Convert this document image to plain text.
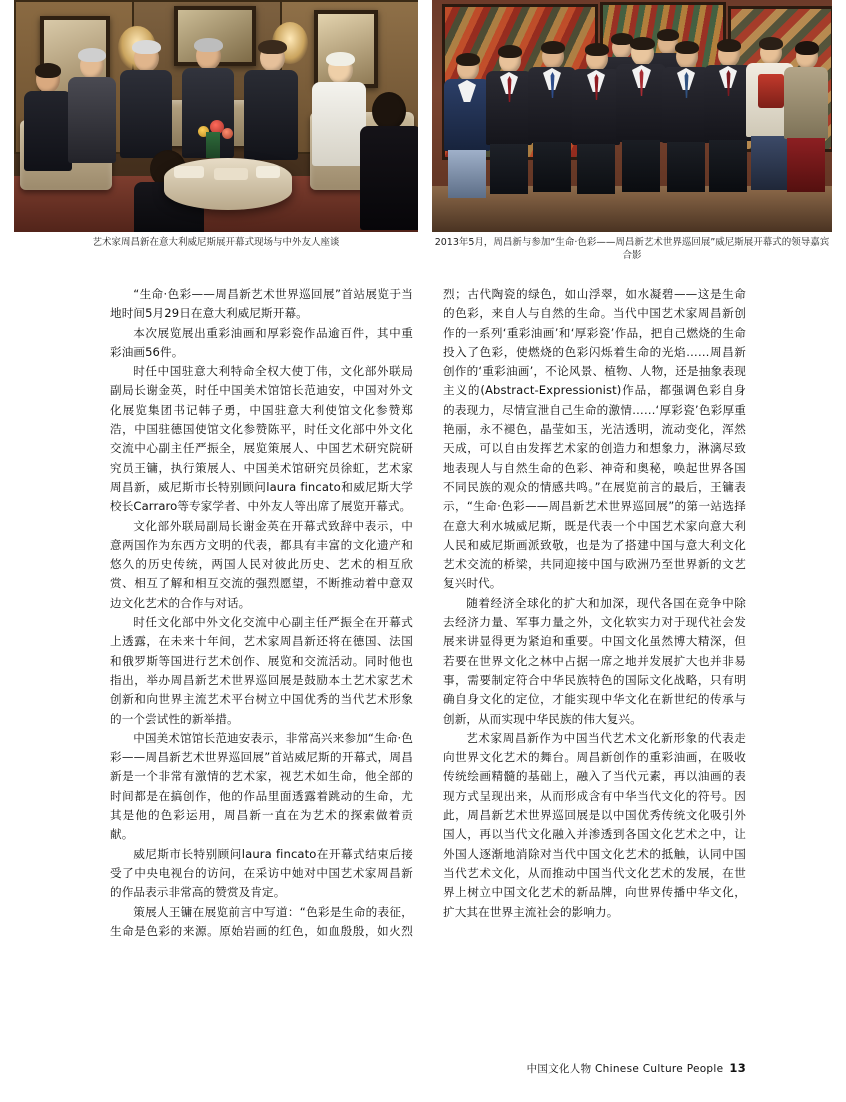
艺术家周昌新在意大利威尼斯展开幕式现场与中外友人座谈	2013年5月，周昌新与参加“生命·色彩——周昌新艺术世界巡回展”威尼斯展开幕式的领导嘉宾合影

“生命·色彩——周昌新艺术世界巡回展”首站展览于当地时间5月29日在意大利威尼斯开幕。

本次展览展出重彩油画和厚彩瓷作品逾百件，其中重彩油画56件。

时任中国驻意大利特命全权大使丁伟，文化部外联局副局长谢金英，时任中国美术馆馆长范迪安，中国对外文化展览集团书记韩子勇，中国驻意大利使馆文化参赞郑浩，中国驻德国使馆文化参赞陈平，时任文化部中外文化交流中心副主任严振全，展览策展人、中国艺术研究院研究员王镛，执行策展人、中国美术馆研究员徐虹，艺术家周昌新，威尼斯市长特别顾问laura fincato和威尼斯大学校长Carraro等专家学者、中外友人等出席了展览开幕式。

文化部外联局副局长谢金英在开幕式致辞中表示，中意两国作为东西方文明的代表，都具有丰富的文化遗产和悠久的历史传统，两国人民对彼此历史、艺术的相互欣赏、相互了解和相互交流的强烈愿望，不断推动着中意双边文化艺术的合作与对话。

时任文化部中外文化交流中心副主任严振全在开幕式上透露，在未来十年间，艺术家周昌新还将在德国、法国和俄罗斯等国进行艺术创作、展览和交流活动。同时他也指出，举办周昌新艺术世界巡回展是鼓励本土艺术家艺术创新和向世界主流艺术平台树立中国优秀的当代艺术形象的一个尝试性的新举措。

中国美术馆馆长范迪安表示，非常高兴来参加“生命·色彩——周昌新艺术世界巡回展”首站威尼斯的开幕式，周昌新是一个非常有激情的艺术家，视艺术如生命，他全部的时间都是在搞创作，他的作品里面透露着跳动的生命，尤其是他的色彩运用，周昌新一直在为艺术的探索做着贡献。

威尼斯市长特别顾问laura fincato在开幕式结束后接受了中央电视台的访问，在采访中她对中国艺术家周昌新的作品表示非常高的赞赏及肯定。

策展人王镛在展览前言中写道：“色彩是生命的表征，生命是色彩的来源。原始岩画的红色，如血殷殷，如火烈烈；古代陶瓷的绿色，如山浮翠，如水凝碧——这是生命的色彩，来自人与自然的生命。当代中国艺术家周昌新创作的一系列‘重彩油画’和‘厚彩瓷’作品，把自己燃烧的生命投入了色彩，使燃烧的色彩闪烁着生命的光焰……周昌新创作的‘重彩油画’，不论风景、植物、人物，还是抽象表现主义的(Abstract-Expressionist)作品，都强调色彩自身的表现力，尽情宣泄自己生命的激情……‘厚彩瓷’色彩厚重艳丽，永不褪色，晶莹如玉，光洁透明，流动变化，浑然天成，可以自由发挥艺术家的创造力和想象力，淋漓尽致地表现人与自然生命的色彩、神奇和奥秘，唤起世界各国不同民族的观众的情感共鸣。”在展览前言的最后，王镛表示，“生命·色彩——周昌新艺术世界巡回展”的第一站选择在意大利水城威尼斯，既是代表一个中国艺术家向意大利人民和威尼斯画派致敬，也是为了搭建中国与意大利文化艺术交流的桥梁，共同迎接中国与欧洲乃至世界新的文艺复兴时代。

随着经济全球化的扩大和加深，现代各国在竞争中除去经济力量、军事力量之外，文化软实力对于现代社会发展来讲显得更为紧迫和重要。中国文化虽然博大精深，但若要在世界文化之林中占据一席之地并发展扩大也并非易事，需要制定符合中华民族特色的国际文化战略，只有明确自身文化的定位，才能实现中华文化在新世纪的传承与创新，从而实现中华民族的伟大复兴。

艺术家周昌新作为中国当代艺术文化新形象的代表走向世界文化艺术的舞台。周昌新创作的重彩油画，在吸收传统绘画精髓的基础上，融入了当代元素，再以油画的表现方式呈现出来，从而形成含有中华当代文化的符号。因此，周昌新艺术世界巡回展是以中国优秀传统文化吸引外国人，再以当代文化融入并渗透到各国文化艺术之中，让外国人逐渐地消除对当代中国文化艺术的抵触，认同中国当代艺术文化，从而推动中国当代文化艺术的发展，在世界上树立中国文化艺术的新品牌，向世界传播中华文化，扩大其在世界主流社会的影响力。

中国文化人物 Chinese Culture People 13
